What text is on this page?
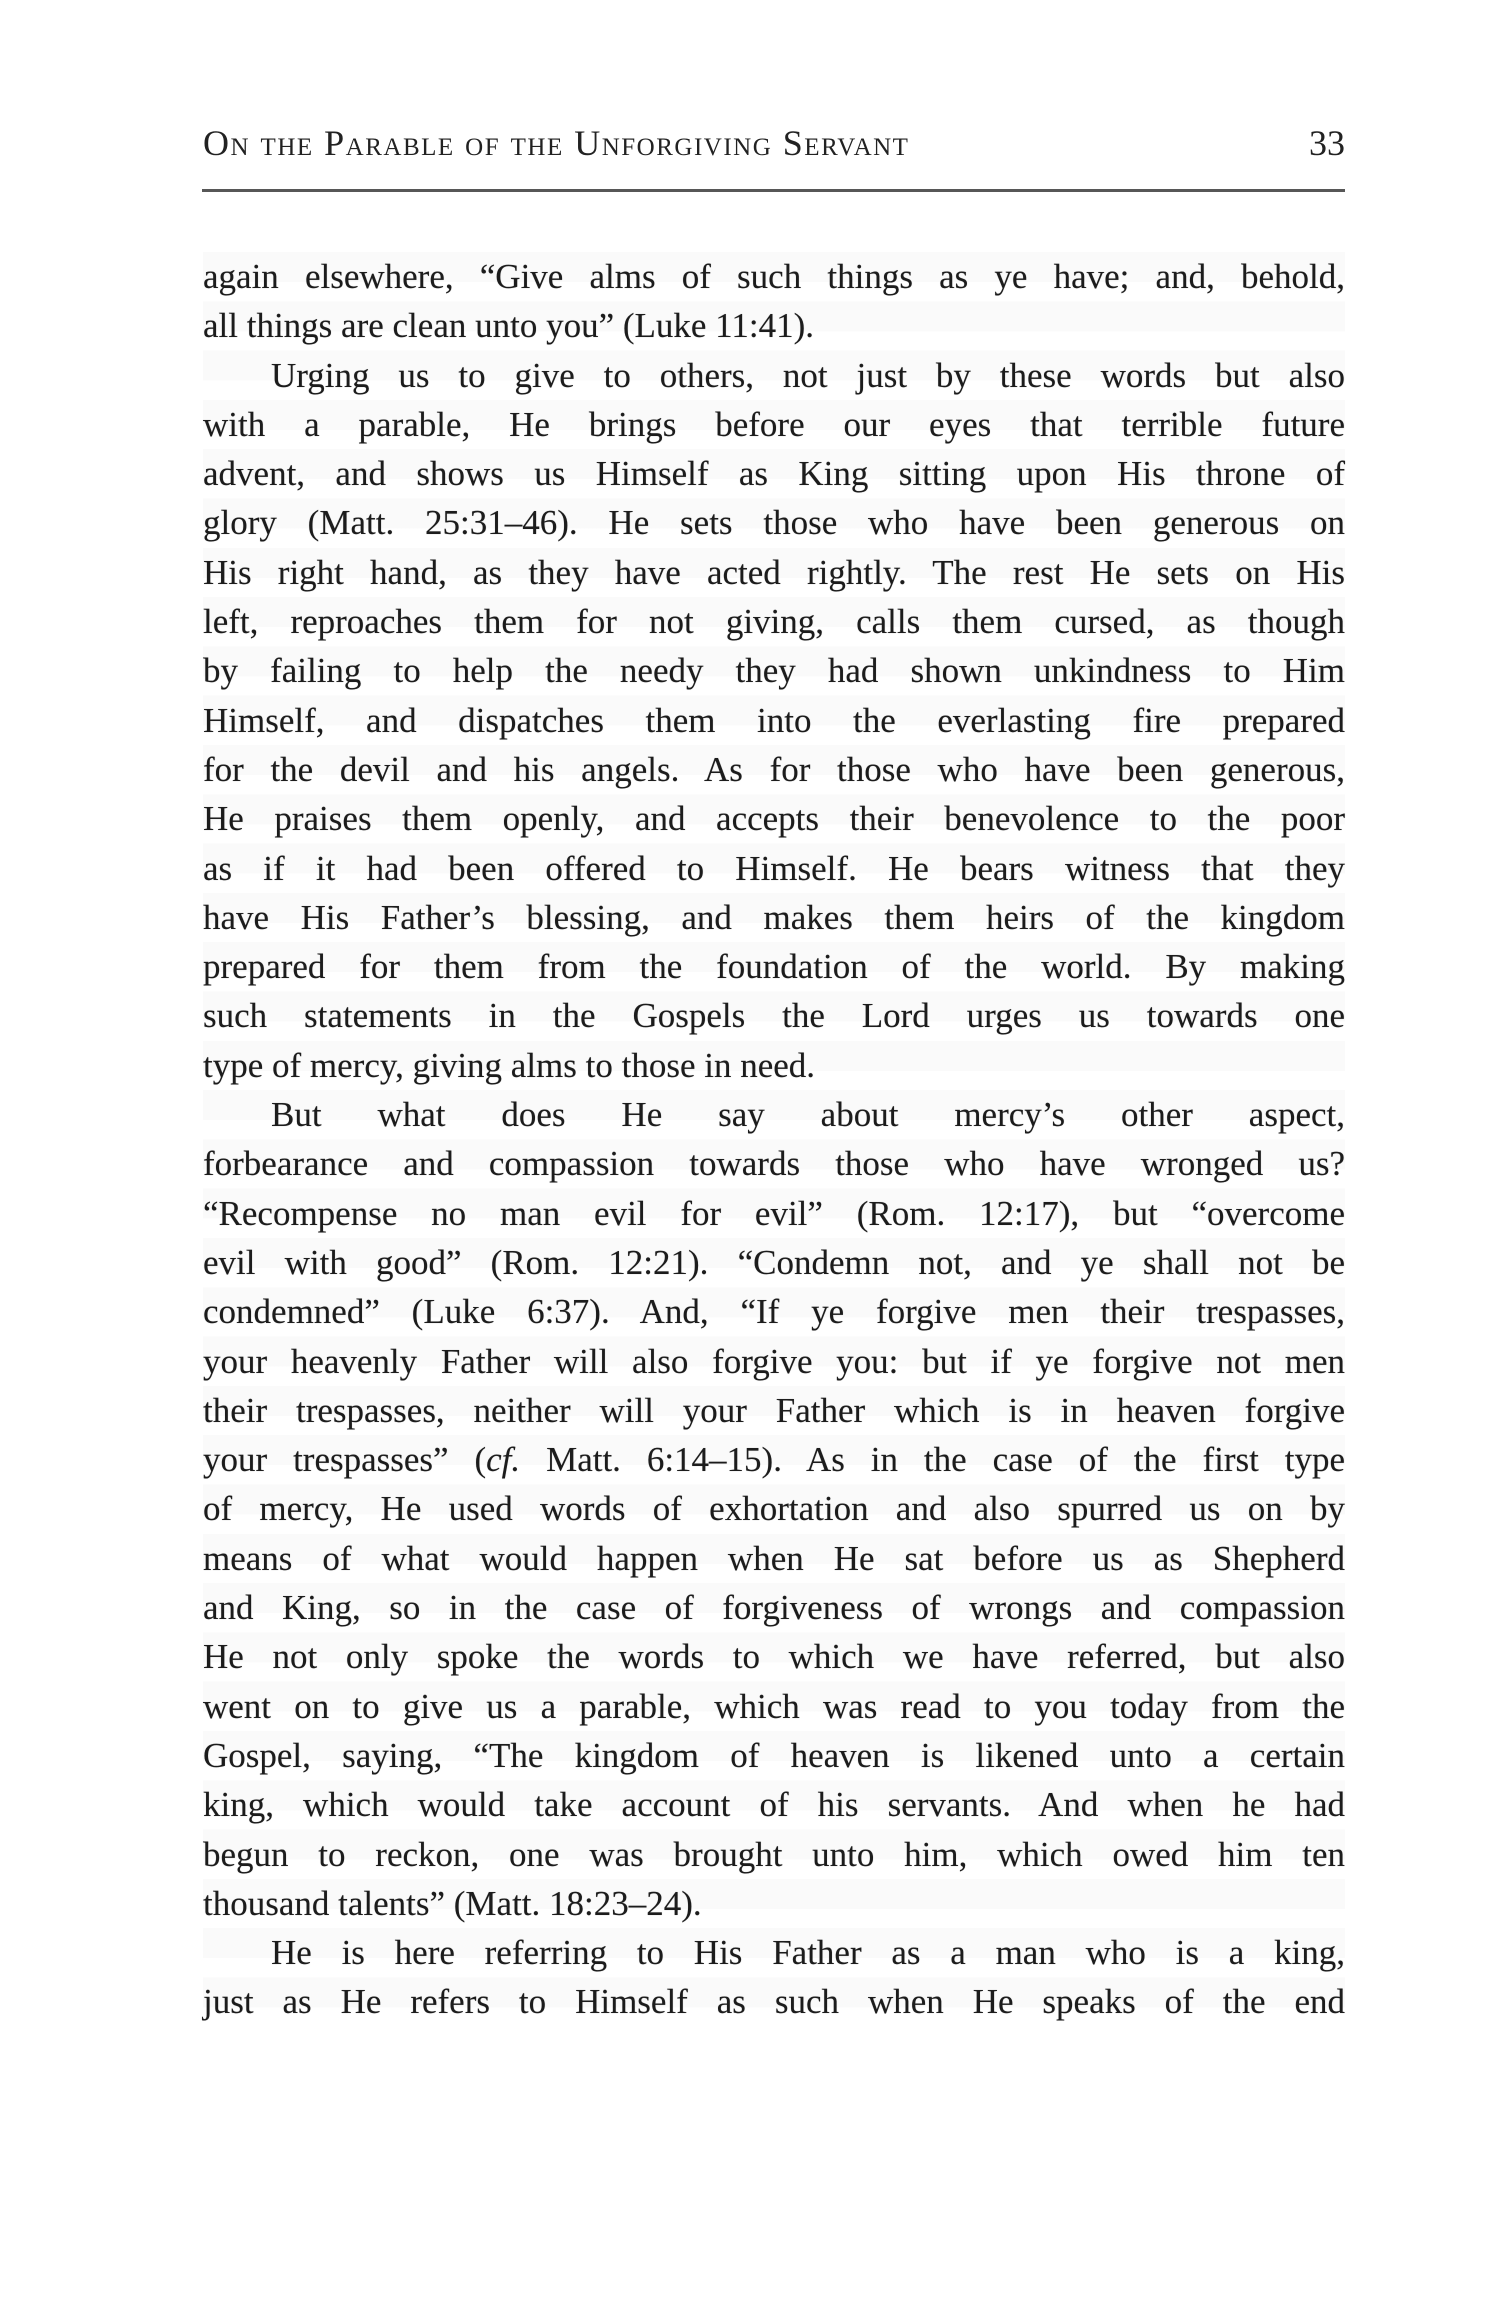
On the Parable of the Unforgiving Servant	33
again elsewhere, “Give alms of such things as ye have; and, behold,
all things are clean unto you” (Luke 11:41).
Urging us to give to others, not just by these words but also
with a parable, He brings before our eyes that terrible future
advent, and shows us Himself as King sitting upon His throne of
glory (Matt. 25:31–46). He sets those who have been generous on
His right hand, as they have acted rightly. The rest He sets on His
left, reproaches them for not giving, calls them cursed, as though
by failing to help the needy they had shown unkindness to Him
Himself, and dispatches them into the everlasting fire prepared
for the devil and his angels. As for those who have been generous,
He praises them openly, and accepts their benevolence to the poor
as if it had been offered to Himself. He bears witness that they
have His Father’s blessing, and makes them heirs of the kingdom
prepared for them from the foundation of the world. By making
such statements in the Gospels the Lord urges us towards one
type of mercy, giving alms to those in need.
But what does He say about mercy’s other aspect,
forbearance and compassion towards those who have wronged us?
“Recompense no man evil for evil” (Rom. 12:17), but “overcome
evil with good” (Rom. 12:21). “Condemn not, and ye shall not be
condemned” (Luke 6:37). And, “If ye forgive men their trespasses,
your heavenly Father will also forgive you: but if ye forgive not men
their trespasses, neither will your Father which is in heaven forgive
your trespasses” (cf. Matt. 6:14–15). As in the case of the first type
of mercy, He used words of exhortation and also spurred us on by
means of what would happen when He sat before us as Shepherd
and King, so in the case of forgiveness of wrongs and compassion
He not only spoke the words to which we have referred, but also
went on to give us a parable, which was read to you today from the
Gospel, saying, “The kingdom of heaven is likened unto a certain
king, which would take account of his servants. And when he had
begun to reckon, one was brought unto him, which owed him ten
thousand talents” (Matt. 18:23–24).
He is here referring to His Father as a man who is a king,
just as He refers to Himself as such when He speaks of the end
